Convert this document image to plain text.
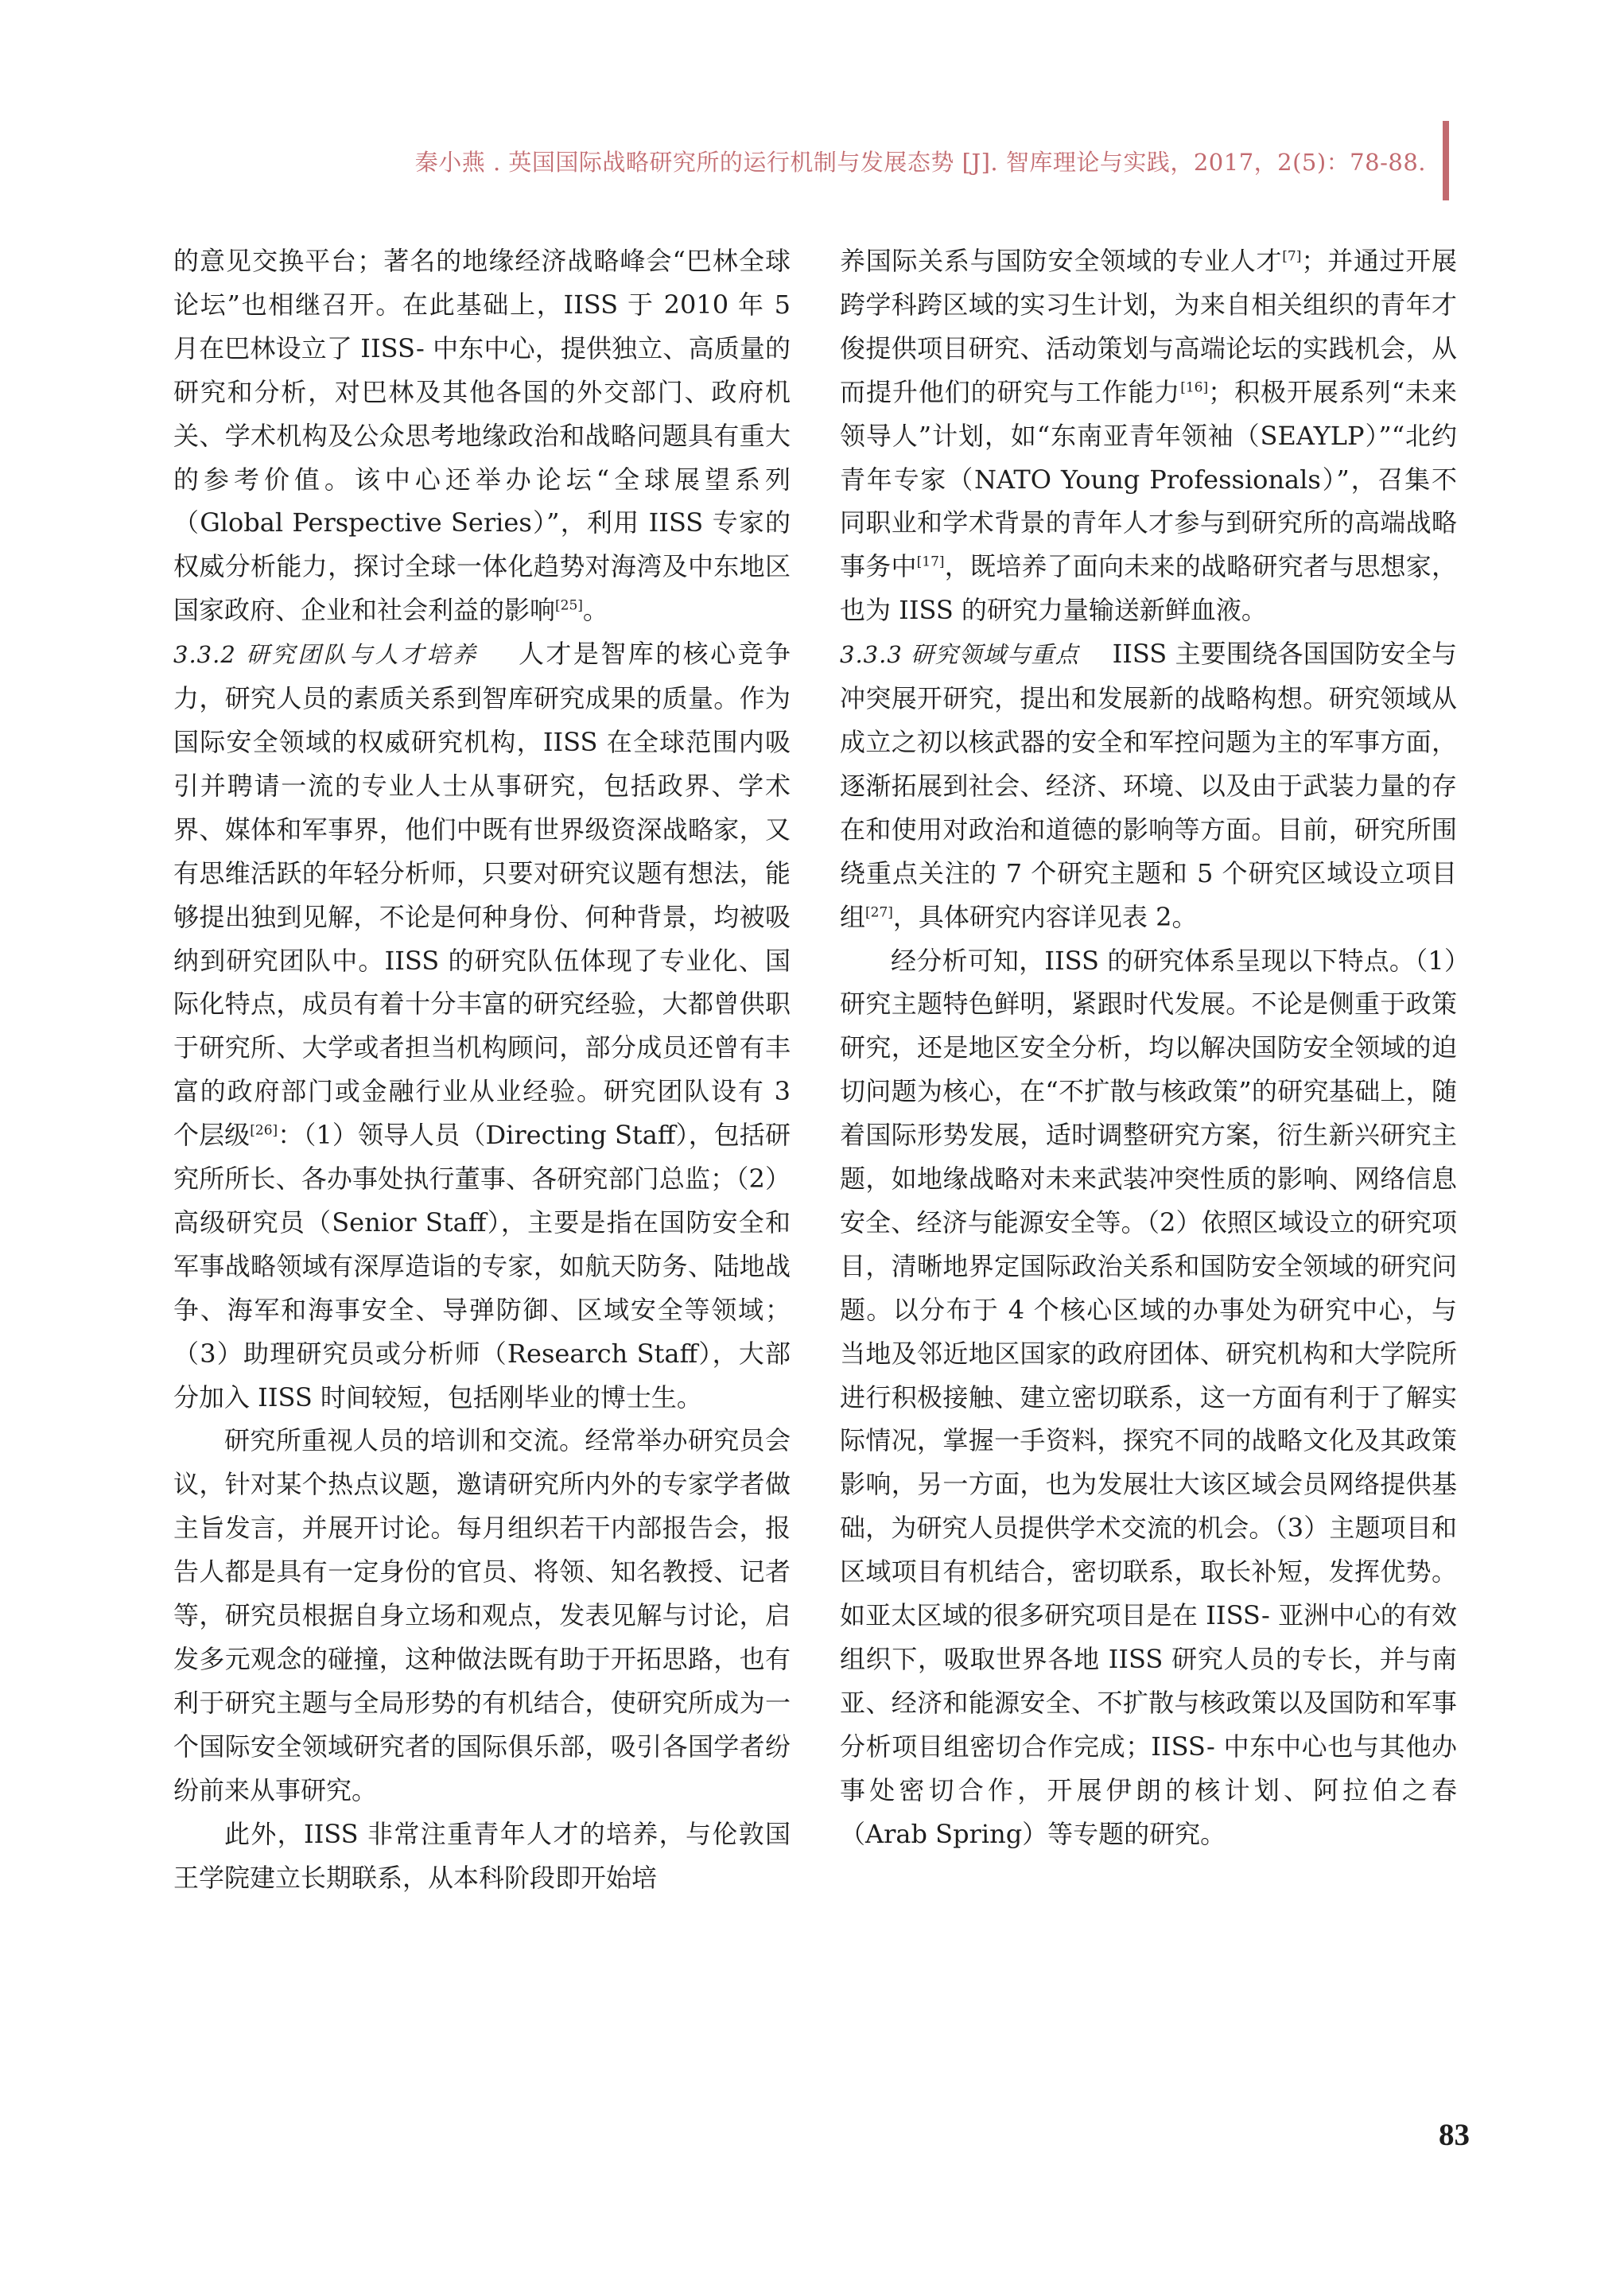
秦小燕 . 英国国际战略研究所的运行机制与发展态势 [J]. 智库理论与实践，2017，2(5)：78-88.

的意见交换平台；著名的地缘经济战略峰会“巴林全球论坛”也相继召开。在此基础上，IISS 于 2010 年 5 月在巴林设立了 IISS- 中东中心，提供独立、高质量的研究和分析，对巴林及其他各国的外交部门、政府机关、学术机构及公众思考地缘政治和战略问题具有重大的参考价值。该中心还举办论坛“全球展望系列（Global Perspective Series）”，利用 IISS 专家的权威分析能力，探讨全球一体化趋势对海湾及中东地区国家政府、企业和社会利益的影响[25]。

3.3.2 研究团队与人才培养 人才是智库的核心竞争力，研究人员的素质关系到智库研究成果的质量。作为国际安全领域的权威研究机构，IISS 在全球范围内吸引并聘请一流的专业人士从事研究，包括政界、学术界、媒体和军事界，他们中既有世界级资深战略家，又有思维活跃的年轻分析师，只要对研究议题有想法，能够提出独到见解，不论是何种身份、何种背景，均被吸纳到研究团队中。IISS 的研究队伍体现了专业化、国际化特点，成员有着十分丰富的研究经验，大都曾供职于研究所、大学或者担当机构顾问，部分成员还曾有丰富的政府部门或金融行业从业经验。研究团队设有 3 个层级[26]：（1）领导人员（Directing Staff），包括研究所所长、各办事处执行董事、各研究部门总监；（2）高级研究员（Senior Staff），主要是指在国防安全和军事战略领域有深厚造诣的专家，如航天防务、陆地战争、海军和海事安全、导弹防御、区域安全等领域；（3）助理研究员或分析师（Research Staff），大部分加入 IISS 时间较短，包括刚毕业的博士生。

研究所重视人员的培训和交流。经常举办研究员会议，针对某个热点议题，邀请研究所内外的专家学者做主旨发言，并展开讨论。每月组织若干内部报告会，报告人都是具有一定身份的官员、将领、知名教授、记者等，研究员根据自身立场和观点，发表见解与讨论，启发多元观念的碰撞，这种做法既有助于开拓思路，也有利于研究主题与全局形势的有机结合，使研究所成为一个国际安全领域研究者的国际俱乐部，吸引各国学者纷纷前来从事研究。

此外，IISS 非常注重青年人才的培养，与伦敦国王学院建立长期联系，从本科阶段即开始培

养国际关系与国防安全领域的专业人才[7]；并通过开展跨学科跨区域的实习生计划，为来自相关组织的青年才俊提供项目研究、活动策划与高端论坛的实践机会，从而提升他们的研究与工作能力[16]；积极开展系列“未来领导人”计划，如“东南亚青年领袖（SEAYLP）”“北约青年专家（NATO Young Professionals）”，召集不同职业和学术背景的青年人才参与到研究所的高端战略事务中[17]，既培养了面向未来的战略研究者与思想家，也为 IISS 的研究力量输送新鲜血液。

3.3.3 研究领域与重点 IISS 主要围绕各国国防安全与冲突展开研究，提出和发展新的战略构想。研究领域从成立之初以核武器的安全和军控问题为主的军事方面，逐渐拓展到社会、经济、环境、以及由于武装力量的存在和使用对政治和道德的影响等方面。目前，研究所围绕重点关注的 7 个研究主题和 5 个研究区域设立项目组[27]，具体研究内容详见表 2。

经分析可知，IISS 的研究体系呈现以下特点。（1）研究主题特色鲜明，紧跟时代发展。不论是侧重于政策研究，还是地区安全分析，均以解决国防安全领域的迫切问题为核心，在“不扩散与核政策”的研究基础上，随着国际形势发展，适时调整研究方案，衍生新兴研究主题，如地缘战略对未来武装冲突性质的影响、网络信息安全、经济与能源安全等。（2）依照区域设立的研究项目，清晰地界定国际政治关系和国防安全领域的研究问题。以分布于 4 个核心区域的办事处为研究中心，与当地及邻近地区国家的政府团体、研究机构和大学院所进行积极接触、建立密切联系，这一方面有利于了解实际情况，掌握一手资料，探究不同的战略文化及其政策影响，另一方面，也为发展壮大该区域会员网络提供基础，为研究人员提供学术交流的机会。（3）主题项目和区域项目有机结合，密切联系，取长补短，发挥优势。如亚太区域的很多研究项目是在 IISS- 亚洲中心的有效组织下，吸取世界各地 IISS 研究人员的专长，并与南亚、经济和能源安全、不扩散与核政策以及国防和军事分析项目组密切合作完成；IISS- 中东中心也与其他办事处密切合作，开展伊朗的核计划、阿拉伯之春（Arab Spring）等专题的研究。

83
